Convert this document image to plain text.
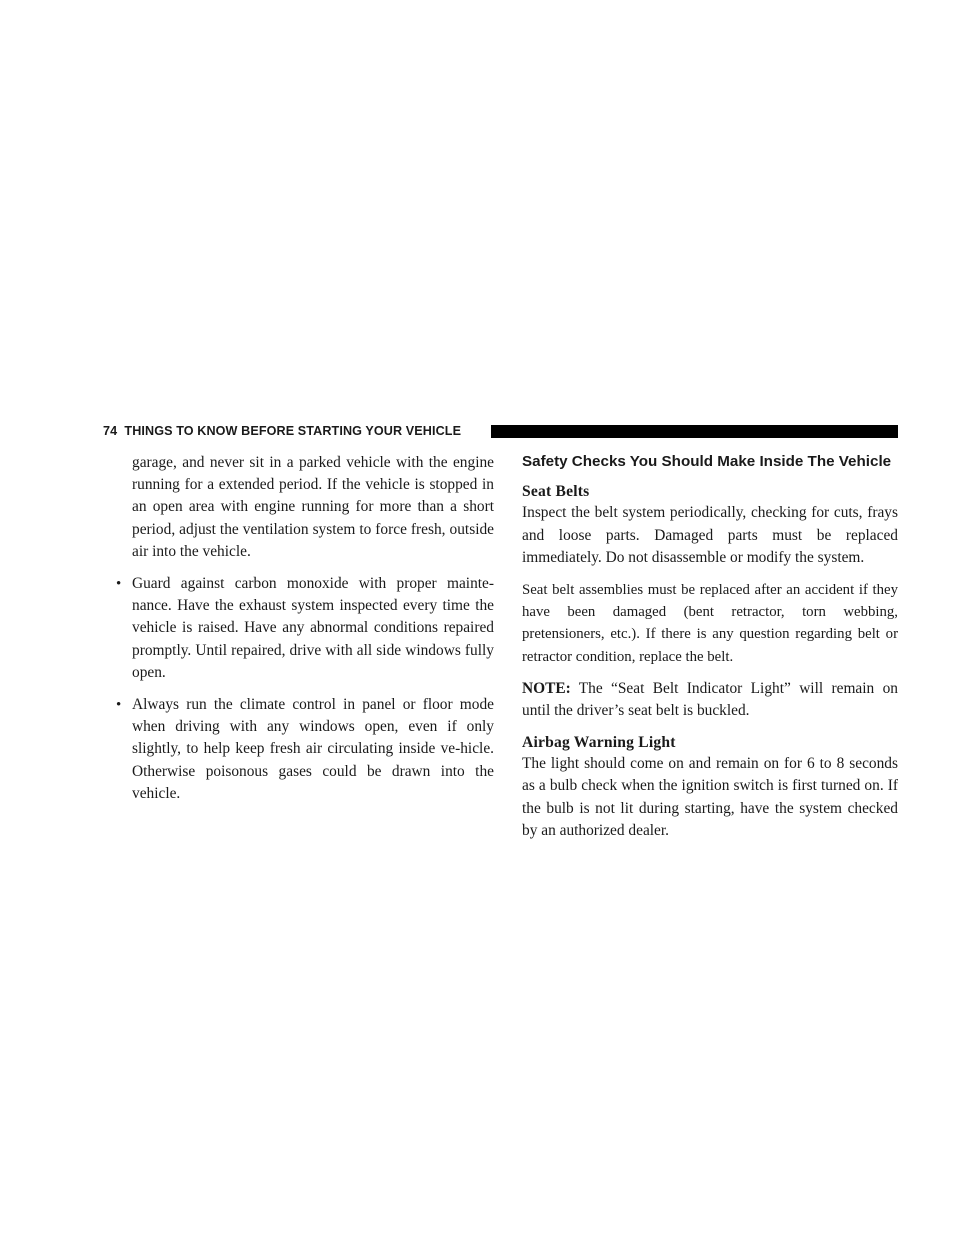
74 THINGS TO KNOW BEFORE STARTING YOUR VEHICLE

garage, and never sit in a parked vehicle with the engine running for a extended period. If the vehicle is stopped in an open area with engine running for more than a short period, adjust the ventilation system to force fresh, outside air into the vehicle.

• Guard against carbon monoxide with proper mainte-nance. Have the exhaust system inspected every time the vehicle is raised. Have any abnormal conditions repaired promptly. Until repaired, drive with all side windows fully open.
• Always run the climate control in panel or floor mode when driving with any windows open, even if only slightly, to help keep fresh air circulating inside ve-hicle. Otherwise poisonous gases could be drawn into the vehicle.
Safety Checks You Should Make Inside The Vehicle
Seat Belts

Inspect the belt system periodically, checking for cuts, frays and loose parts. Damaged parts must be replaced immediately. Do not disassemble or modify the system.

Seat belt assemblies must be replaced after an accident if they have been damaged (bent retractor, torn webbing, pretensioners, etc.). If there is any question regarding belt or retractor condition, replace the belt.

NOTE: The “Seat Belt Indicator Light” will remain on until the driver’s seat belt is buckled.

Airbag Warning Light

The light should come on and remain on for 6 to 8 seconds as a bulb check when the ignition switch is first turned on. If the bulb is not lit during starting, have the system checked by an authorized dealer.
